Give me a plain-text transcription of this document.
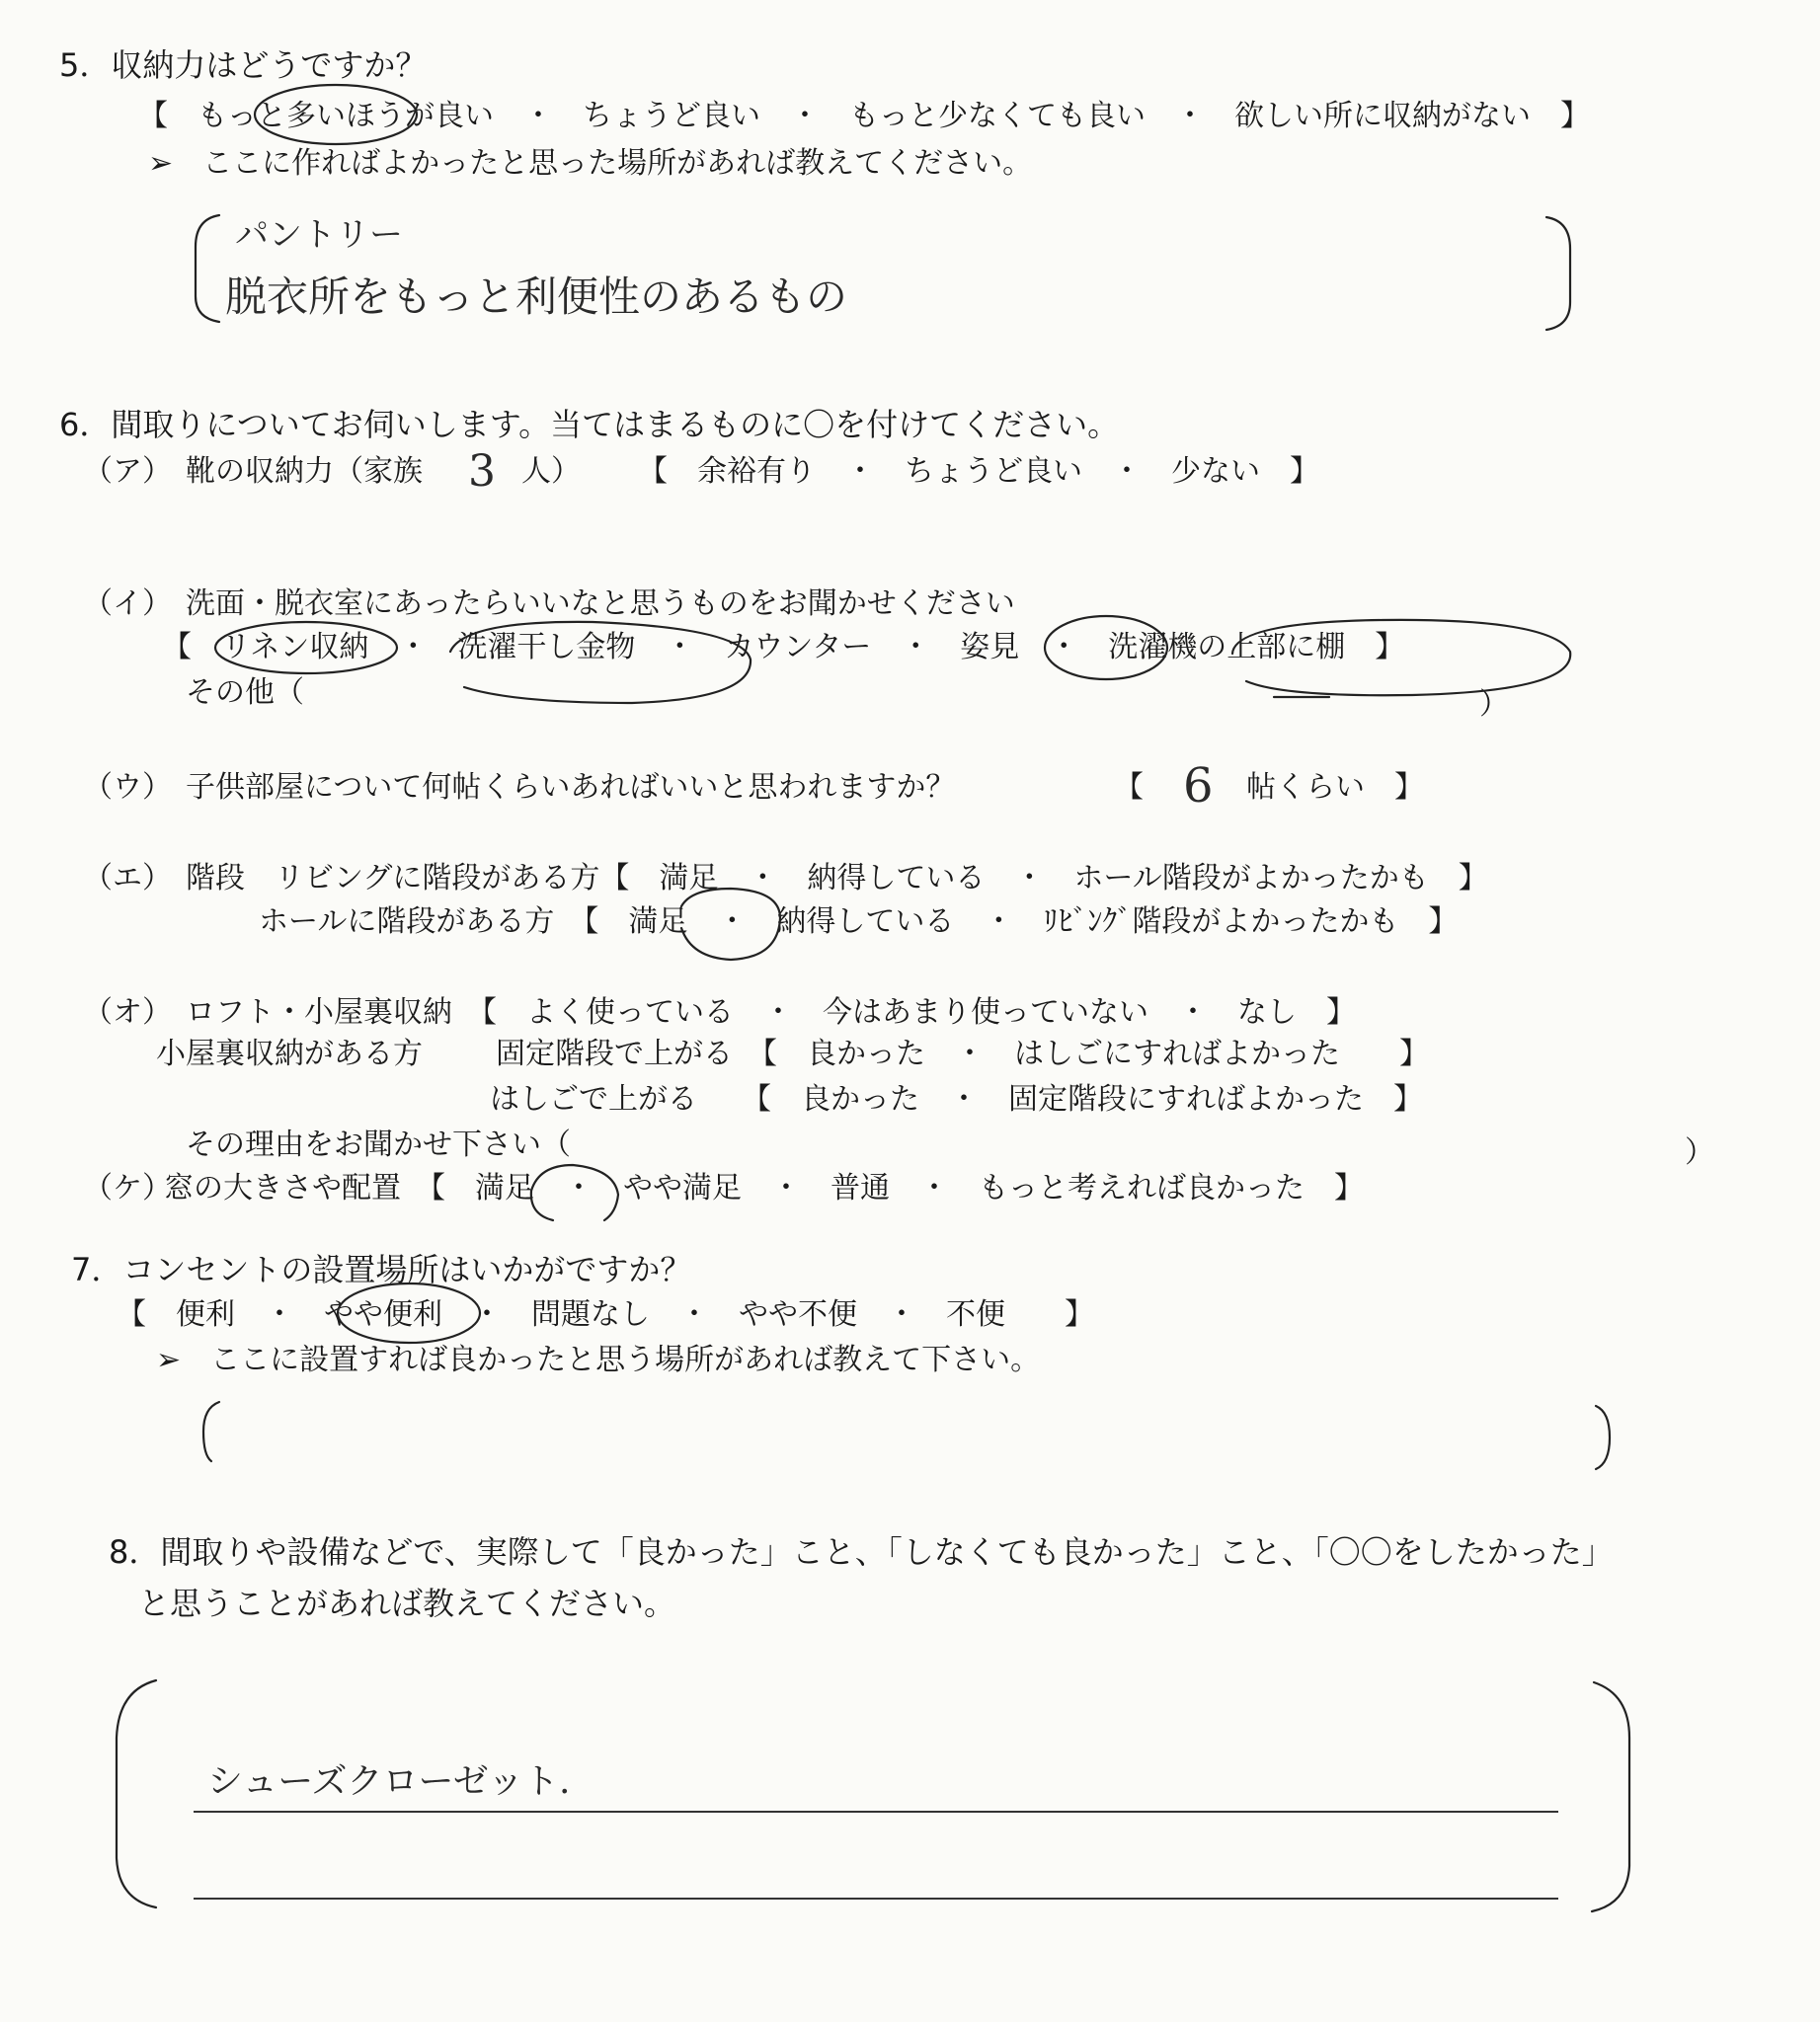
5．収納力はどうですか？
【　もっと多いほうが良い　・　ちょうど良い　・　もっと少なくても良い　・　欲しい所に収納がない　】
➢　ここに作ればよかったと思った場所があれば教えてください。
パントリー
脱衣所をもっと利便性のあるもの
6．間取りについてお伺いします。当てはまるものに〇を付けてください。
（ア） 靴の収納力（家族 3 人） 【　余裕有り　・　ちょうど良い　・　少ない　】
（イ） 洗面・脱衣室にあったらいいなと思うものをお聞かせください
【　リネン収納　・　洗濯干し金物　・　カウンター　・　姿見　・　洗濯機の上部に棚　】
その他（	）
（ウ） 子供部屋について何帖くらいあればいいと思われますか？	【 6 帖くらい　】
（エ） 階段　リビングに階段がある方【　満足　・　納得している　・　ホール階段がよかったかも　】
ホールに階段がある方　【　満足　・　納得している　・　ﾘﾋﾞﾝｸﾞ階段がよかったかも　】
（オ） ロフト・小屋裏収納　【　よく使っている　・　今はあまり使っていない　・　なし　】
小屋裏収納がある方 固定階段で上がる　【　良かった　・　はしごにすればよかった　　】
はしごで上がる　　【　良かった　・　固定階段にすればよかった　】
その理由をお聞かせ下さい（	）
（ケ）
窓の大きさや配置　【　満足　・　やや満足　・　普通　・　もっと考えれば良かった　】
7．コンセントの設置場所はいかがですか？
【　便利　・　やや便利　・　問題なし　・　やや不便　・　不便　　】
➢　ここに設置すれば良かったと思う場所があれば教えて下さい。
8．間取りや設備などで、実際して「良かった」こと、「しなくても良かった」こと、「〇〇をしたかった」
と思うことがあれば教えてください。
シューズクローゼット.
